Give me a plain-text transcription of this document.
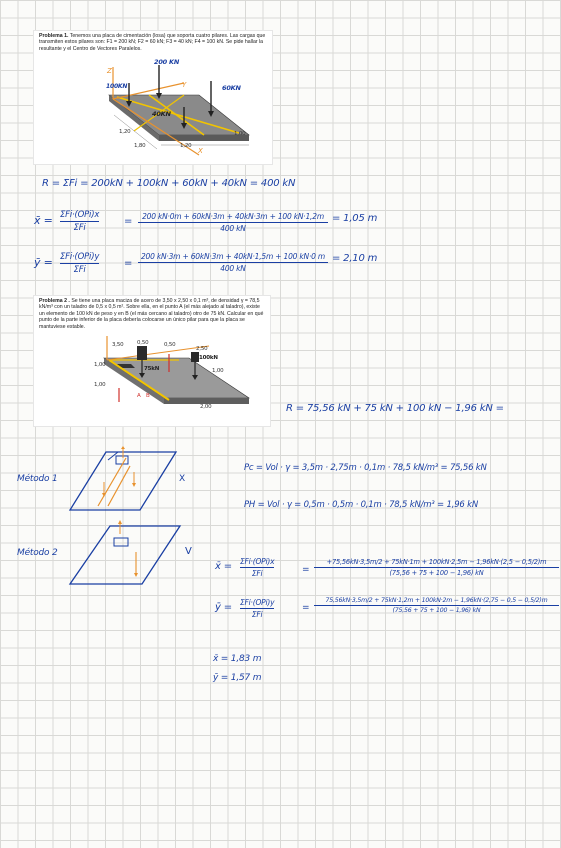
Problema 1. Tenemos una placa de cimentación (losa) que soporta cuatro pilares. Las cargas que transmiten estos pilares son: F1 = 200 kN; F2 = 60 kN; F3 = 40 kN; F4 = 100 kN. Se pide hallar la resultante y el Centro de Vectores Paralelos.
200 KN
100KN	60KN
40KN
Z
X
Y
1,20
1,80	1,20
1,00
R = ΣFi = 200kN + 100kN + 60kN + 40kN = 400 kN
x̄ = ΣFi·(OPi)x
ΣFi
=	200 kN·0m + 60kN·3m + 40kN·3m + 100 kN·1,2m
400 kN
= 1,05 m
ȳ = ΣFi·(OPi)y
ΣFi
=
200 kN·3m + 60kN·3m + 40kN·1,5m + 100 kN·0 m
400 kN
= 2,10 m
Problema 2 . Se tiene una placa maciza de acero de 3,50 x 2,50 x 0,1 m³, de densidad γ = 78,5 kN/m³ con un taladro de 0,5 x 0,5 m². Sobre ella, en el punto A (el más alejado al taladro), existe un elemento de 100 kN de peso y en B (el más cercano al taladro) otro de 75 kN. Calcular en qué punto de la parte inferior de la placa debería colocarse un único pilar para que la placa se mantuviese estable.
100kN
75kN
A B
3,50 0,50
2,50
1,00
1,00
2,00
0,50
1,00
R = 75,56 kN + 75 kN + 100 kN − 1,96 kN =
Método 1	X
Método 2	V
Pc = Vol · γ = 3,5m · 2,75m · 0,1m · 78,5 kN/m³ = 75,56 kN
PH = Vol · γ = 0,5m · 0,5m · 0,1m · 78,5 kN/m³ = 1,96 kN
x̄ = ΣFi·(OPi)x
ΣFi	=
+75,56kN·3,5m/2 + 75kN·1m + 100kN·2,5m − 1,96kN·(2,5 − 0,5/2)m
(75,56 + 75 + 100 − 1,96) kN
ȳ = ΣFi·(OPi)y
ΣFi
=
75,56kN·3,5m/2 + 75kN·1,2m + 100kN·2m − 1,96kN·(2,75 − 0,5 − 0,5/2)m
(75,56 + 75 + 100 − 1,96) kN
x̄ = 1,83 m
ȳ = 1,57 m
